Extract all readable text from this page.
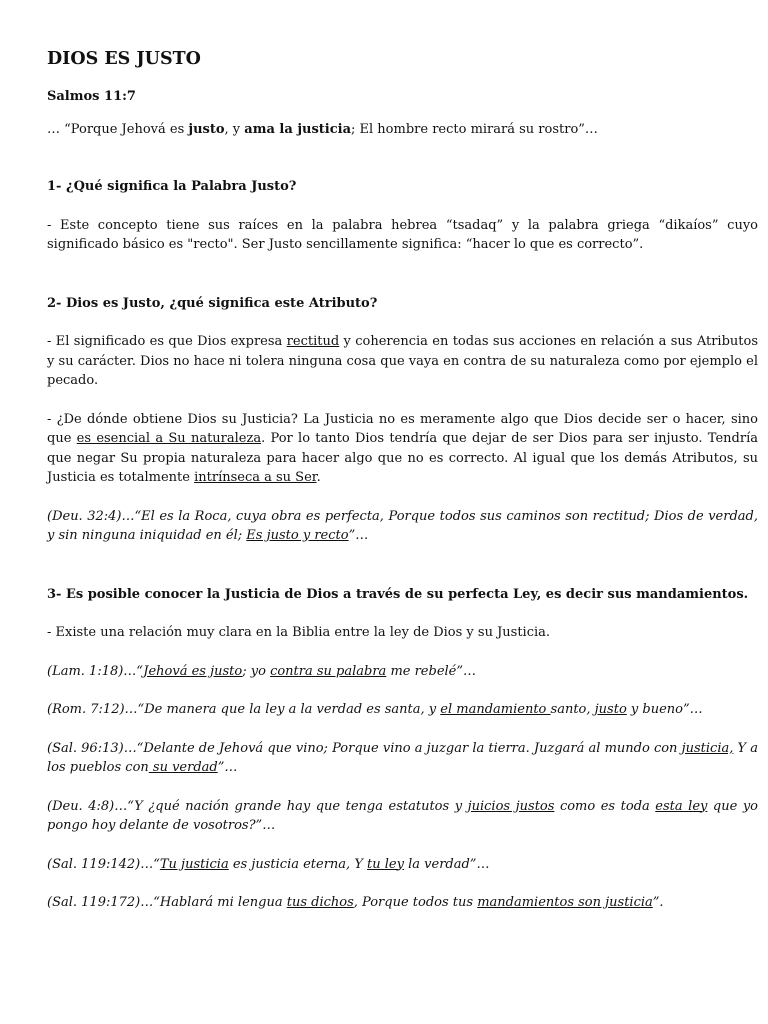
DIOS ES JUSTO
Salmos 11:7

… “Porque Jehová es justo, y ama la justicia; El hombre recto mirará su rostro”…

1- ¿Qué significa la Palabra Justo?

- Este concepto tiene sus raíces en la palabra hebrea “tsadaq” y la palabra griega “dikaíos” cuyo significado básico es "recto". Ser Justo sencillamente significa: “hacer lo que es correcto”.

2- Dios es Justo, ¿qué significa este Atributo?

- El significado es que Dios expresa rectitud y coherencia en todas sus acciones en relación a sus Atributos y su carácter. Dios no hace ni tolera ninguna cosa que vaya en contra de su naturaleza como por ejemplo el pecado.

- ¿De dónde obtiene Dios su Justicia? La Justicia no es meramente algo que Dios decide ser o hacer, sino que es esencial a Su naturaleza. Por lo tanto Dios tendría que dejar de ser Dios para ser injusto. Tendría que negar Su propia naturaleza para hacer algo que no es correcto. Al igual que los demás Atributos, su Justicia es totalmente intrínseca a su Ser.

(Deu. 32:4)…“El es la Roca, cuya obra es perfecta, Porque todos sus caminos son rectitud; Dios de verdad, y sin ninguna iniquidad en él; Es justo y recto”…

3- Es posible conocer la Justicia de Dios a través de su perfecta Ley, es decir sus mandamientos.

- Existe una relación muy clara en la Biblia entre la ley de Dios y su Justicia.

(Lam. 1:18)…“Jehová es justo; yo contra su palabra me rebelé”…

(Rom. 7:12)…“De manera que la ley a la verdad es santa, y el mandamiento santo, justo y bueno”…

(Sal. 96:13)…“Delante de Jehová que vino; Porque vino a juzgar la tierra. Juzgará al mundo con justicia, Y a los pueblos con su verdad”…

(Deu. 4:8)…“Y ¿qué nación grande hay que tenga estatutos y juicios justos como es toda esta ley que yo pongo hoy delante de vosotros?”…

(Sal. 119:142)…“Tu justicia es justicia eterna, Y tu ley la verdad”…

(Sal. 119:172)…“Hablará mi lengua tus dichos, Porque todos tus mandamientos son justicia”.
